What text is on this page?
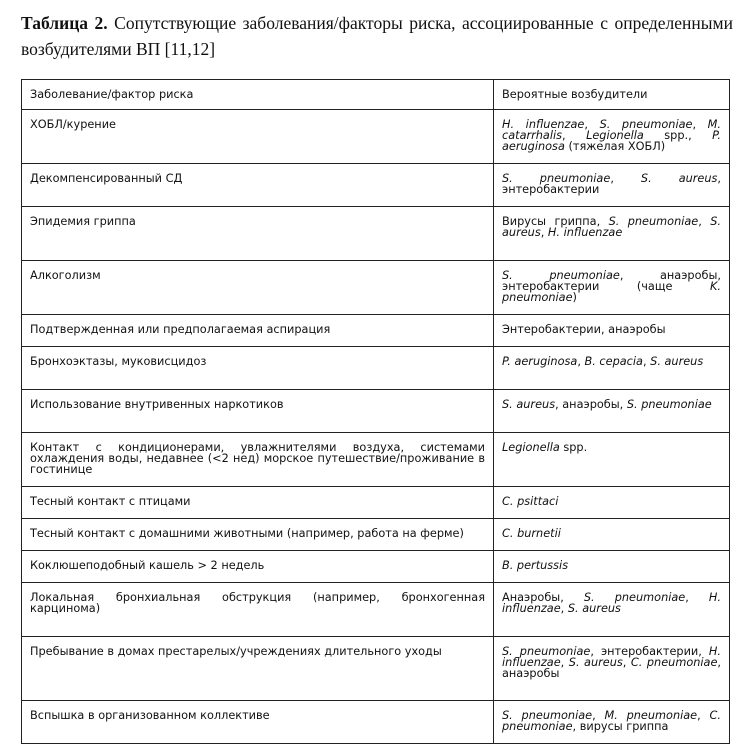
Таблица 2. Сопутствующие заболевания/факторы риска, ассоциированные с определенными возбудителями ВП [11,12]
Заболевание/фактор риска	Вероятные возбудители
ХОБЛ/курение	H. influenzae, S. pneumoniae, M. catarrhalis, Legionella spp., P. aeruginosa (тяжелая ХОБЛ)
Декомпенсированный СД	S. pneumoniae, S. aureus, энтеробактерии
Эпидемия гриппа	Вирусы гриппа, S. pneumoniae, S. aureus, H. influenzae
Алкоголизм	S. pneumoniae, анаэробы, энтеробактерии (чаще K. pneumoniae)
Подтвержденная или предполагаемая аспирация	Энтеробактерии, анаэробы
Бронхоэктазы, муковисцидоз	P. aeruginosa, B. cepacia, S. aureus
Использование внутривенных наркотиков	S. aureus, анаэробы, S. pneumoniae
Контакт с кондиционерами, увлажнителями воздуха, системами охлаждения воды, недавнее (<2 нед) морское путешествие/проживание в гостинице	Legionella spp.
Тесный контакт с птицами	C. psittaci
Тесный контакт с домашними животными (например, работа на ферме)	C. burnetii
Коклюшеподобный кашель > 2 недель	B. pertussis
Локальная бронхиальная обструкция (например, бронхогенная карцинома)	Анаэробы, S. pneumoniae, H. influenzae, S. aureus
Пребывание в домах престарелых/учреждениях длительного уходы	S. pneumoniae, энтеробактерии, H. influenzae, S. aureus, C. pneumoniae, анаэробы
Вспышка в организованном коллективе	S. pneumoniae, M. pneumoniae, C. pneumoniae, вирусы гриппа
